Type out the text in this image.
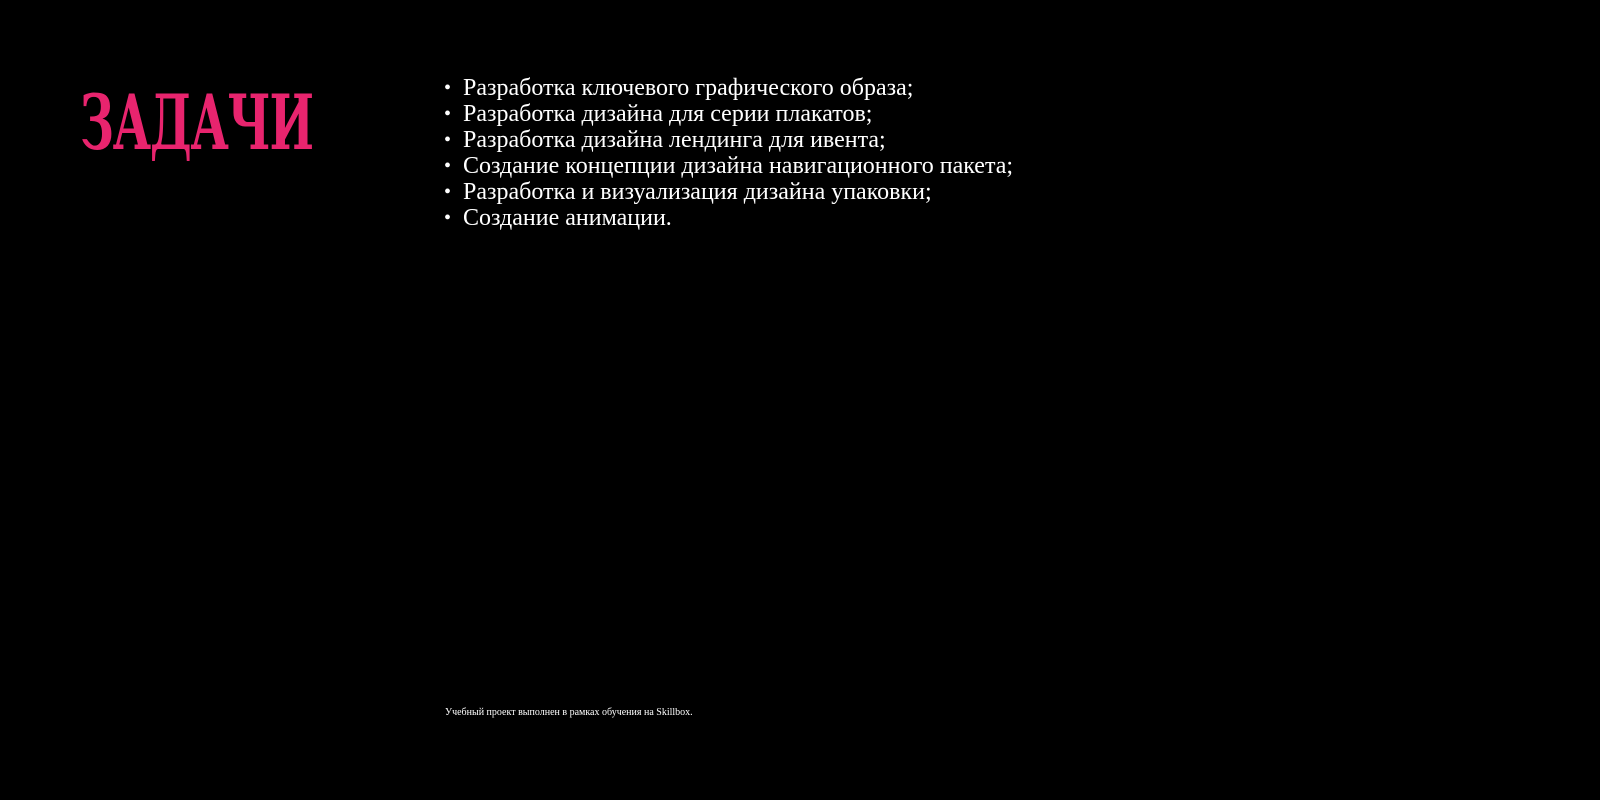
ЗАДАЧИ	• Разработка ключевого графического образа;
• Разработка дизайна для серии плакатов;
• Разработка дизайна лендинга для ивента;
• Создание концепции дизайна навигационного пакета;
• Разработка и визуализация дизайна упаковки;
• Создание анимации.

Учебный проект выполнен в рамках обучения на Skillbox.
